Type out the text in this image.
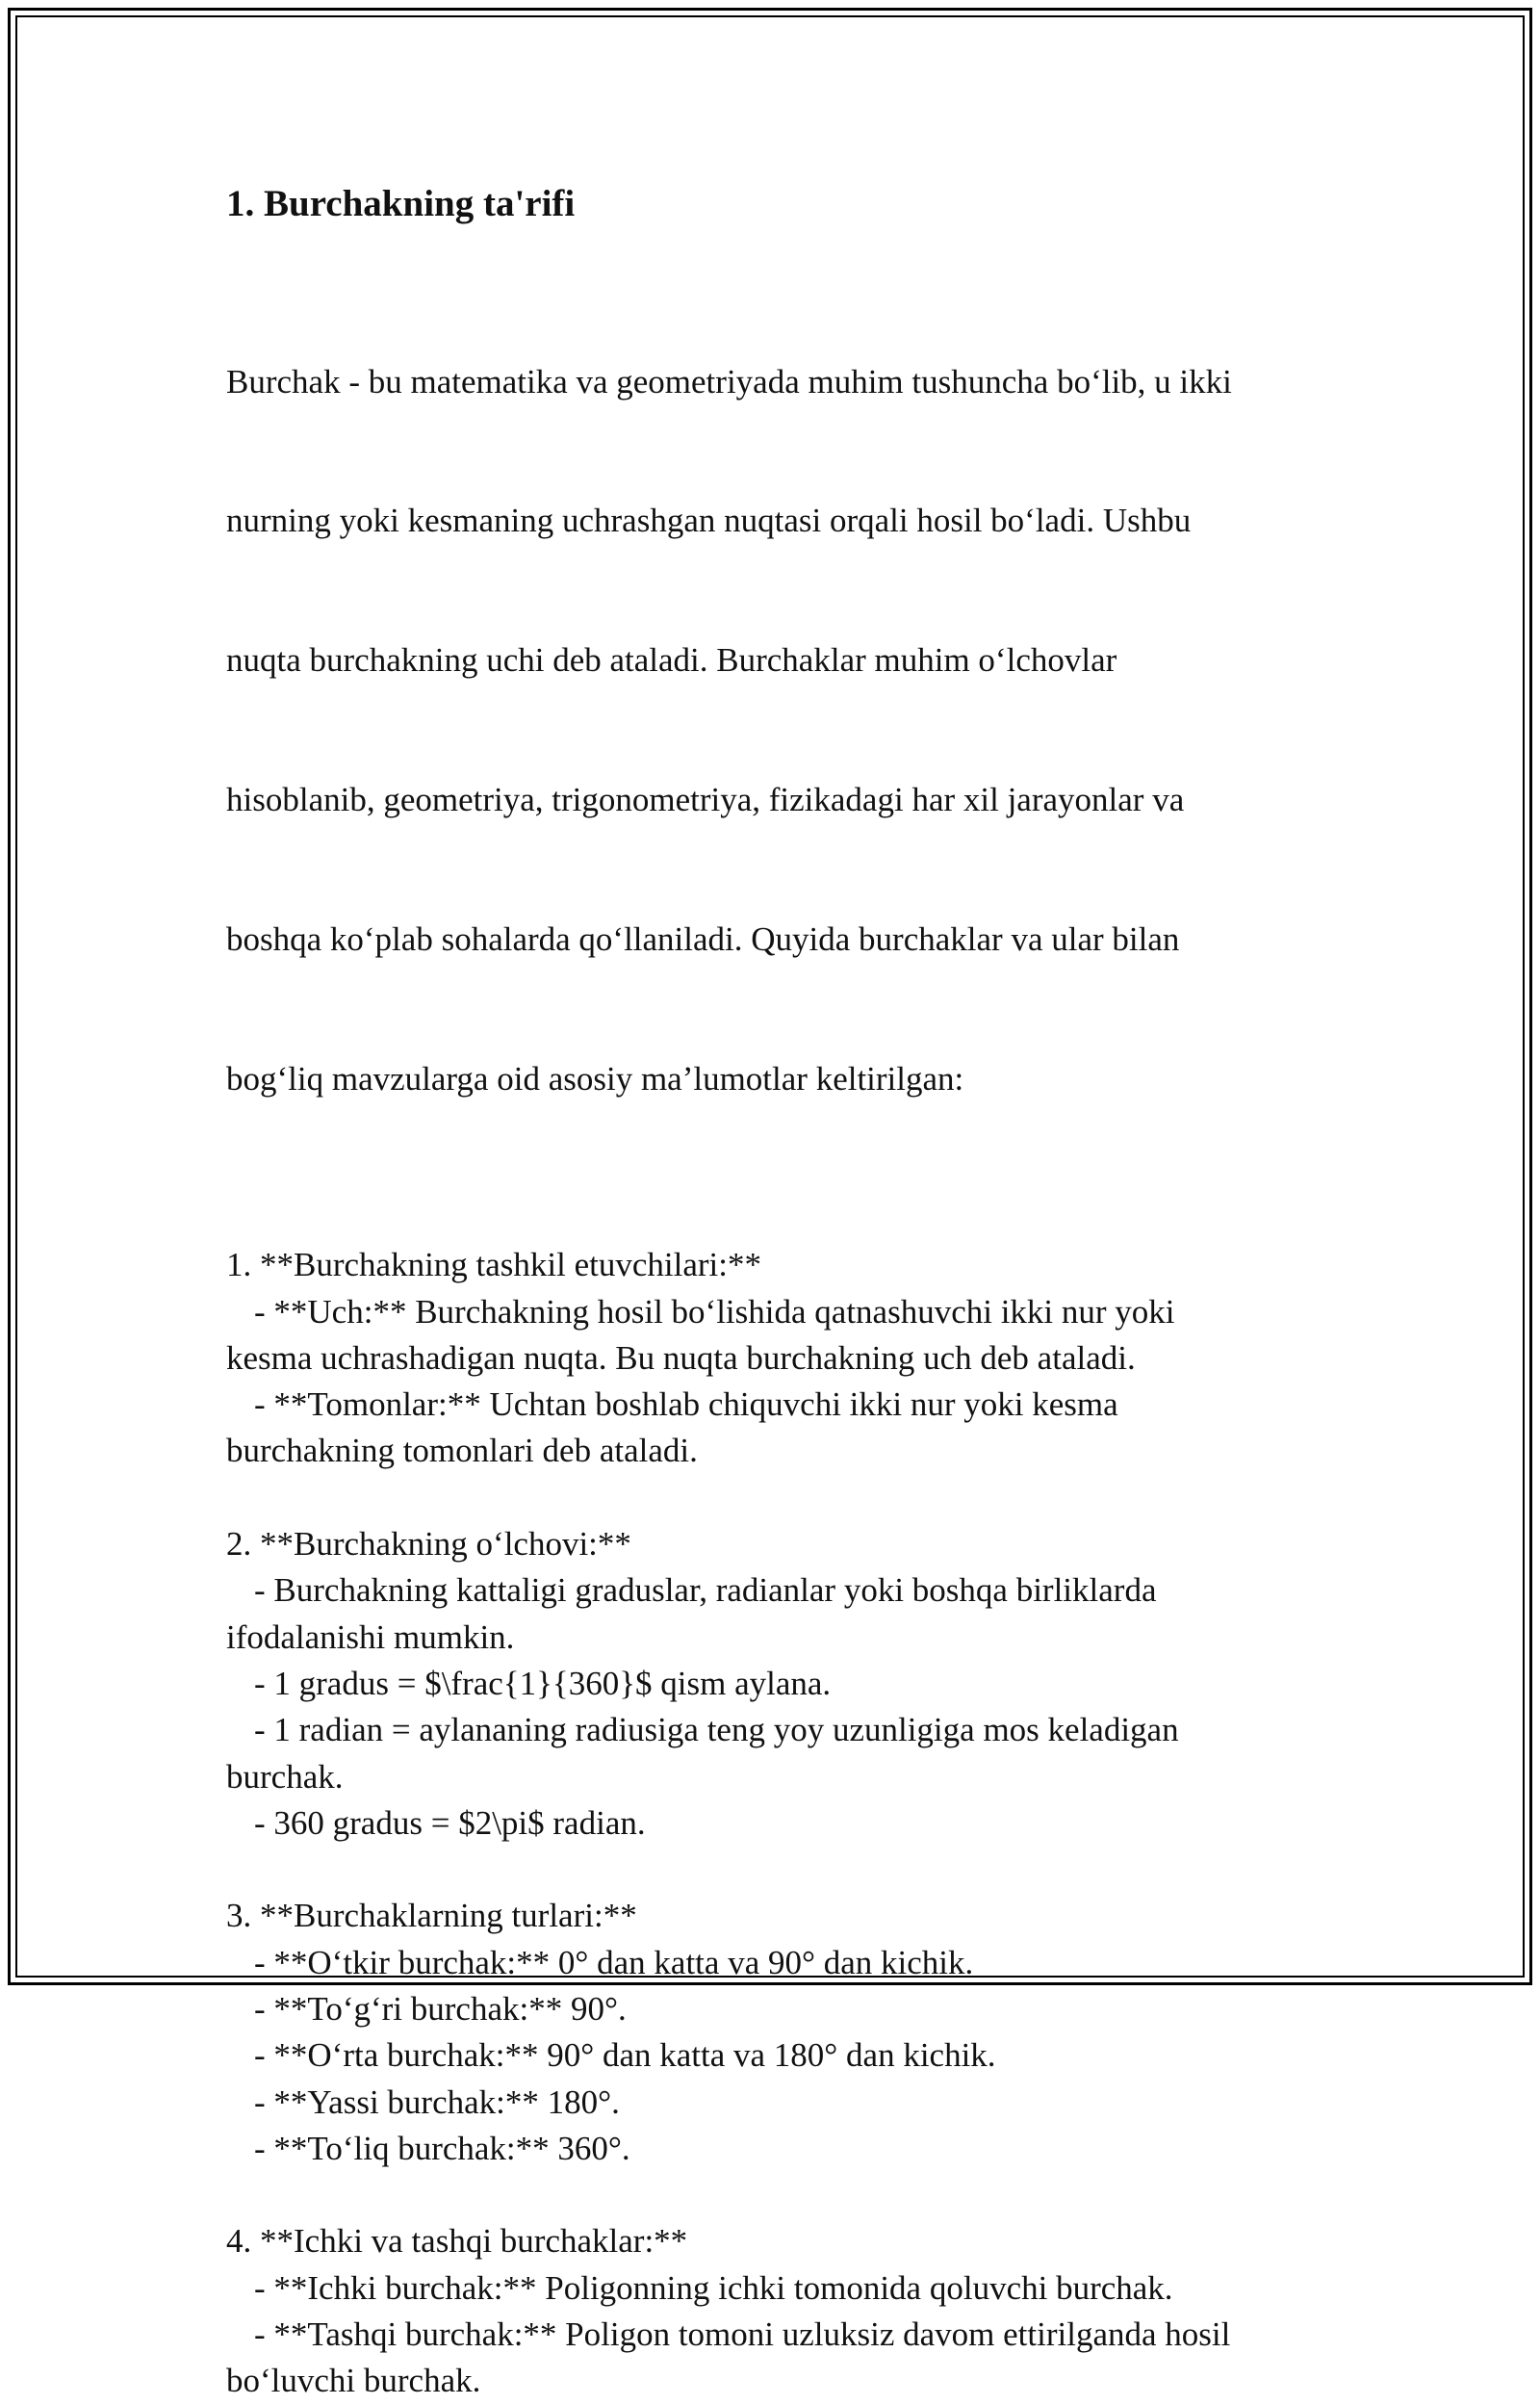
1. Burchakning ta'rifi

Burchak - bu matematika va geometriyada muhim tushuncha boʻlib, u ikki

nurning yoki kesmaning uchrashgan nuqtasi orqali hosil boʻladi. Ushbu

nuqta burchakning uchi deb ataladi. Burchaklar muhim oʻlchovlar

hisoblanib, geometriya, trigonometriya, fizikadagi har xil jarayonlar va

boshqa koʻplab sohalarda qoʻllaniladi. Quyida burchaklar va ular bilan

bogʻliq mavzularga oid asosiy maʼlumotlar keltirilgan:

1. **Burchakning tashkil etuvchilari:**
- **Uch:** Burchakning hosil boʻlishida qatnashuvchi ikki nur yoki
kesma uchrashadigan nuqta. Bu nuqta burchakning uch deb ataladi.
- **Tomonlar:** Uchtan boshlab chiquvchi ikki nur yoki kesma
burchakning tomonlari deb ataladi.
2. **Burchakning oʻlchovi:**
- Burchakning kattaligi graduslar, radianlar yoki boshqa birliklarda
ifodalanishi mumkin.
- 1 gradus = $\frac{1}{360}$ qism aylana.
- 1 radian = aylananing radiusiga teng yoy uzunligiga mos keladigan
burchak.
- 360 gradus = $2\pi$ radian.
3. **Burchaklarning turlari:**
- **Oʻtkir burchak:** 0° dan katta va 90° dan kichik.
- **Toʻgʻri burchak:** 90°.
- **Oʻrta burchak:** 90° dan katta va 180° dan kichik.
- **Yassi burchak:** 180°.
- **Toʻliq burchak:** 360°.
4. **Ichki va tashqi burchaklar:**
- **Ichki burchak:** Poligonning ichki tomonida qoluvchi burchak.
- **Tashqi burchak:** Poligon tomoni uzluksiz davom ettirilganda hosil
boʻluvchi burchak.
